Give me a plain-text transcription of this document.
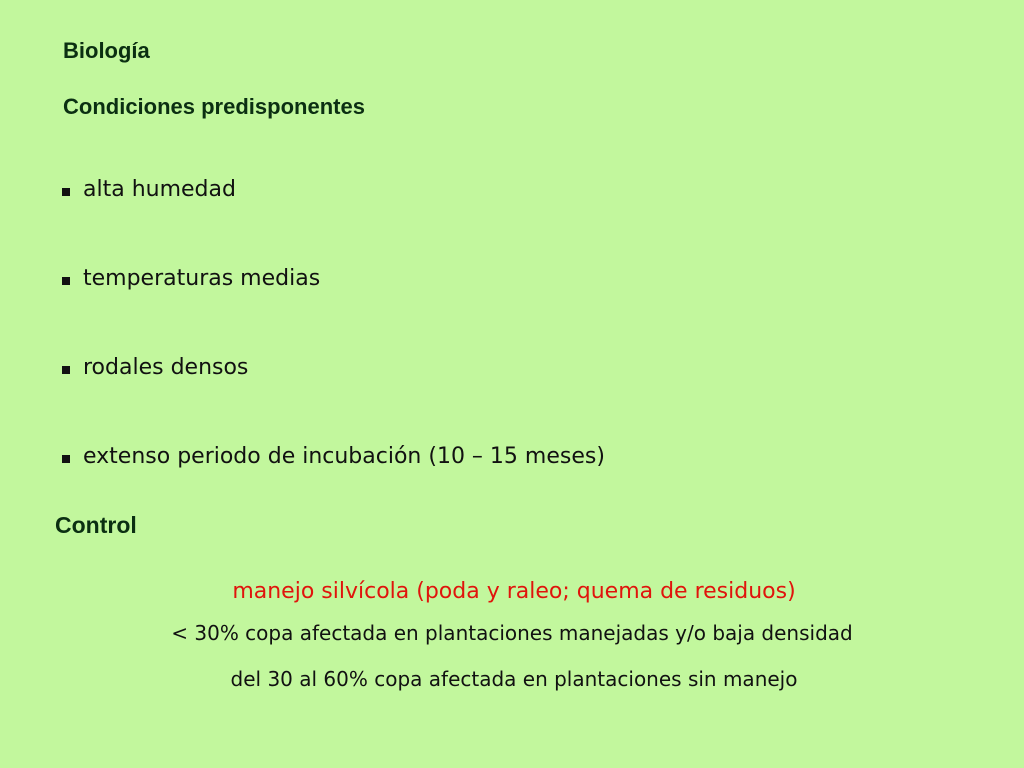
Biología
Condiciones predisponentes
alta humedad
temperaturas medias
rodales densos
extenso periodo de incubación (10 – 15 meses)
Control
manejo silvícola (poda y raleo; quema de residuos)
< 30% copa afectada en plantaciones manejadas y/o baja densidad
del 30 al 60% copa afectada en plantaciones sin manejo
